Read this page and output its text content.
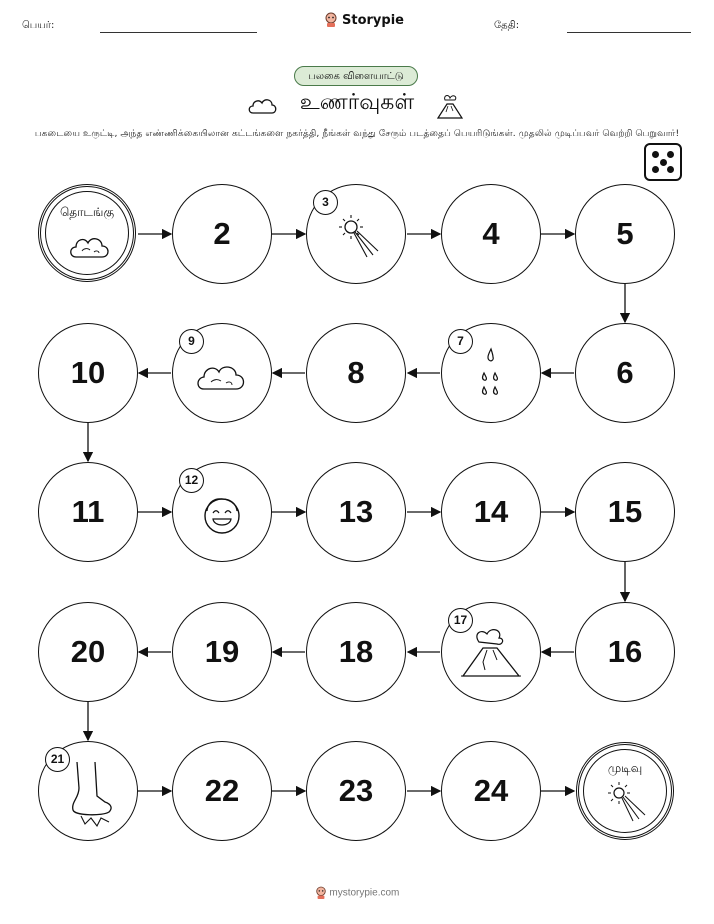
பெயர்:	Storypie	தேதி:
பலகை விளையாட்டு
உணர்வுகள்
பகடையை உருட்டி, அந்த எண்ணிக்கையிலான கட்டங்களை நகர்த்தி, நீங்கள் வந்து சேரும் படத்தைப் பெயரிடுங்கள். முதலில் முடிப்பவர் வெற்றி பெறுவார்!
தொடங்கு
2
3
4	5
6
7
8
9
10
11
12
13	14	15
16
17
18
19
20
21
22	23	24
முடிவு
mystorypie.com
